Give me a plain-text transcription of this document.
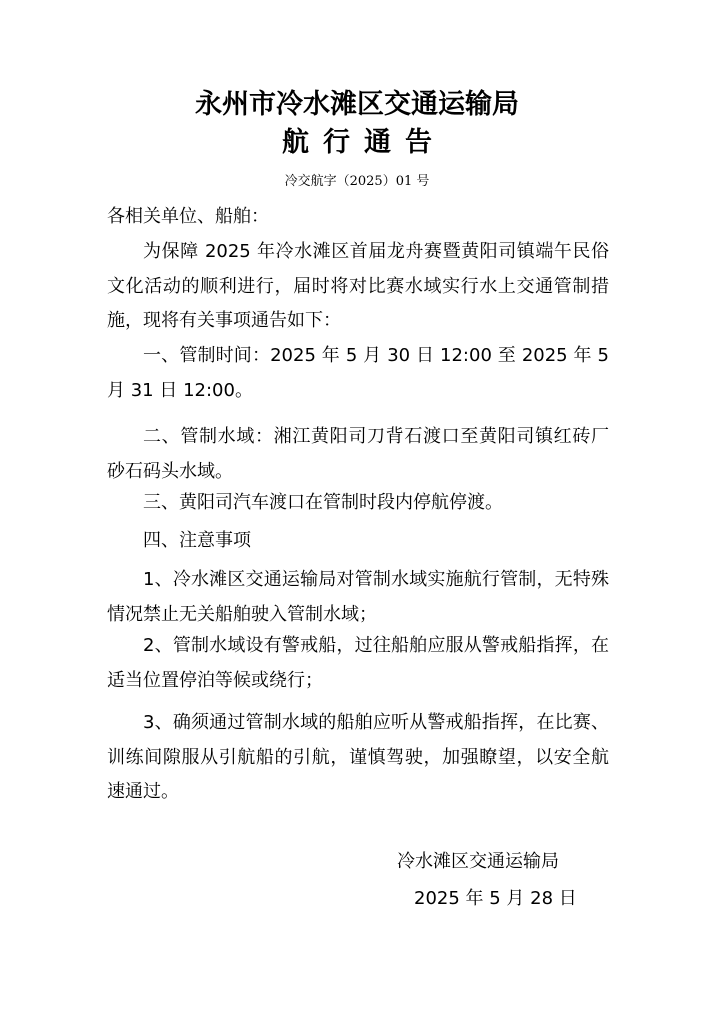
永州市冷水滩区交通运输局
航行通告
冷交航字（2025）01 号

各相关单位、船舶：

为保障 2025 年冷水滩区首届龙舟赛暨黄阳司镇端午民俗文化活动的顺利进行，届时将对比赛水域实行水上交通管制措施，现将有关事项通告如下：

一、管制时间：2025 年 5 月 30 日 12:00 至 2025 年 5 月 31 日 12:00。

二、管制水域：湘江黄阳司刀背石渡口至黄阳司镇红砖厂砂石码头水域。

三、黄阳司汽车渡口在管制时段内停航停渡。

四、注意事项

1、冷水滩区交通运输局对管制水域实施航行管制，无特殊情况禁止无关船舶驶入管制水域；

2、管制水域设有警戒船，过往船舶应服从警戒船指挥，在适当位置停泊等候或绕行；

3、确须通过管制水域的船舶应听从警戒船指挥，在比赛、训练间隙服从引航船的引航，谨慎驾驶，加强瞭望，以安全航速通过。

冷水滩区交通运输局

2025 年 5 月 28 日
